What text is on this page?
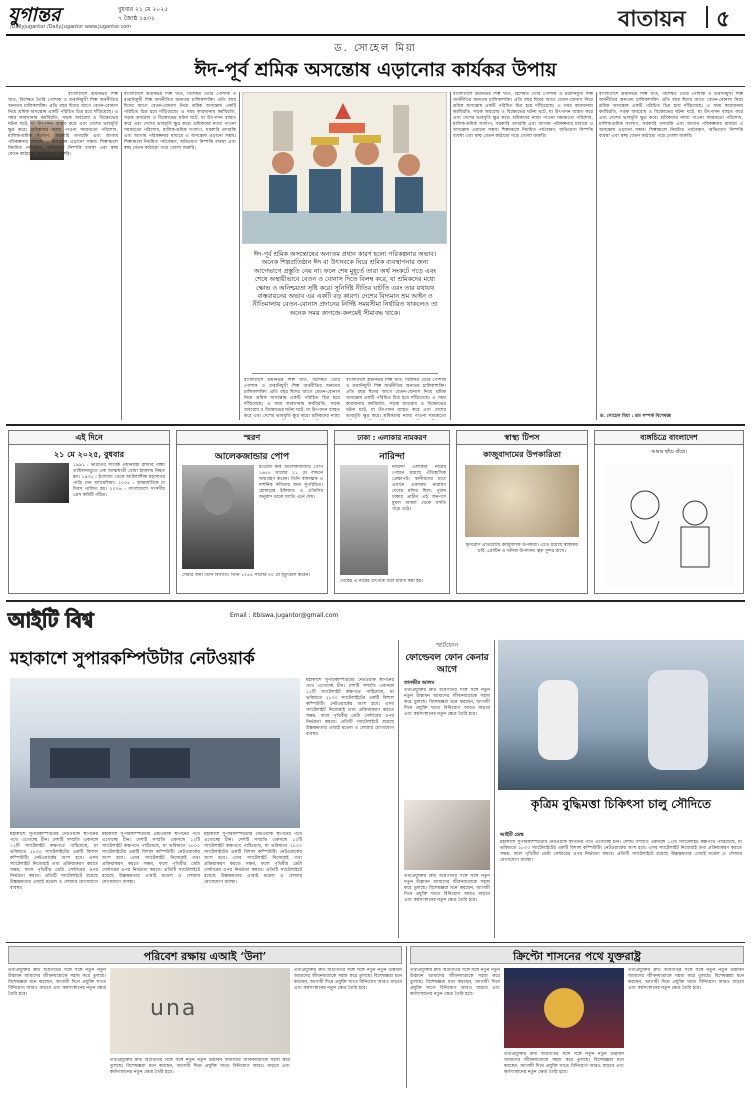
যুগান্তর	বুধবার ২১ মে ২০২৫
৭ জ্যৈষ্ঠ ১৪৩২
/Dailyjugantor /Daily.Jugantor www.jugantor.com	বাতায়ন ৫
ড. সোহেল মিয়া
ঈদ-পূর্ব শ্রমিক অসন্তোষ এড়ানোর কার্যকর উপায়
বাংলাদেশে শ্রমনির্ভর শিল্প খাত, বিশেষত তৈরি পোশাক ও রপ্তানিমুখী শিল্প অর্থনীতির অন্যতম চালিকাশক্তি। প্রতি বছর ঈদের আগে বেতন-বোনাস নিয়ে শ্রমিক অসন্তোষ একটি পরিচিত চিত্র হয়ে দাঁড়িয়েছে। এ সময় কারখানায় কর্মবিরতি, সড়ক অবরোধ ও বিক্ষোভের ঘটনা ঘটে, যা উৎপাদন ব্যাহত করে এবং দেশের ভাবমূর্তি ক্ষুণ্ণ করে। শ্রমিকদের ন্যায্য পাওনা সময়মতো পরিশোধ, মালিক-শ্রমিক সংলাপ, সরকারি তদারকি এবং আগাম পরিকল্পনার মাধ্যমে এ অসন্তোষ এড়ানো সম্ভব। শিল্পাঞ্চলে নিয়মিত পর্যবেক্ষণ, অভিযোগ নিষ্পত্তি ব্যবস্থা এবং স্বচ্ছ বেতন কাঠামো গড়ে তোলা জরুরি।
বাংলাদেশে শ্রমনির্ভর শিল্প খাত, বিশেষত তৈরি পোশাক ও রপ্তানিমুখী শিল্প অর্থনীতির অন্যতম চালিকাশক্তি। প্রতি বছর ঈদের আগে বেতন-বোনাস নিয়ে শ্রমিক অসন্তোষ একটি পরিচিত চিত্র হয়ে দাঁড়িয়েছে। এ সময় কারখানায় কর্মবিরতি, সড়ক অবরোধ ও বিক্ষোভের ঘটনা ঘটে, যা উৎপাদন ব্যাহত করে এবং দেশের ভাবমূর্তি ক্ষুণ্ণ করে। শ্রমিকদের ন্যায্য পাওনা সময়মতো পরিশোধ, মালিক-শ্রমিক সংলাপ, সরকারি তদারকি এবং আগাম পরিকল্পনার মাধ্যমে এ অসন্তোষ এড়ানো সম্ভব। শিল্পাঞ্চলে নিয়মিত পর্যবেক্ষণ, অভিযোগ নিষ্পত্তি ব্যবস্থা এবং স্বচ্ছ বেতন কাঠামো গড়ে তোলা জরুরি।
ঈদ-পূর্ব শ্রমিক অসন্তোষের অন্যতম প্রধান কারণ হলো পরিকল্পনার অভাব। অনেক শিল্পপ্রতিষ্ঠান ঈদ বা উৎসবকে ঘিরে শ্রমিক ব্যবস্থাপনার জন্য আগেভাগে প্রস্তুতি নেয় না। ফলে শেষ মুহূর্তে তারা অর্থ সংকটে পড়ে এবং শেষে অস্থায়ীভাবে বেতন ও বোনাস দিতে বিলম্ব করে, যা শ্রমিকদের মধ্যে ক্ষোভ ও অনিশ্চয়তা সৃষ্টি করে। সুনির্দিষ্ট নীতির ঘাটতি এবং তার যথাযথ বাস্তবায়নের অভাব এর একটি বড় কারণ। দেশের বিদ্যমান শ্রম আইন ও নীতিমালায় বেতন-বোনাস প্রদানের নির্দিষ্ট সময়সীমা নির্ধারিত থাকলেও তা অনেক সময় কাগজে-কলমেই সীমাবদ্ধ থাকে।
বাংলাদেশে শ্রমনির্ভর শিল্প খাত, বিশেষত তৈরি পোশাক ও রপ্তানিমুখী শিল্প অর্থনীতির অন্যতম চালিকাশক্তি। প্রতি বছর ঈদের আগে বেতন-বোনাস নিয়ে শ্রমিক অসন্তোষ একটি পরিচিত চিত্র হয়ে দাঁড়িয়েছে। এ সময় কারখানায় কর্মবিরতি, সড়ক অবরোধ ও বিক্ষোভের ঘটনা ঘটে, যা উৎপাদন ব্যাহত করে এবং দেশের ভাবমূর্তি ক্ষুণ্ণ করে। শ্রমিকদের ন্যায্য
বাংলাদেশে শ্রমনির্ভর শিল্প খাত, বিশেষত তৈরি পোশাক ও রপ্তানিমুখী শিল্প অর্থনীতির অন্যতম চালিকাশক্তি। প্রতি বছর ঈদের আগে বেতন-বোনাস নিয়ে শ্রমিক অসন্তোষ একটি পরিচিত চিত্র হয়ে দাঁড়িয়েছে। এ সময় কারখানায় কর্মবিরতি, সড়ক অবরোধ ও বিক্ষোভের ঘটনা ঘটে, যা উৎপাদন ব্যাহত করে এবং দেশের ভাবমূর্তি ক্ষুণ্ণ করে। শ্রমিকদের ন্যায্য পাওনা সময়মতো
বাংলাদেশে শ্রমনির্ভর শিল্প খাত, বিশেষত তৈরি পোশাক ও রপ্তানিমুখী শিল্প অর্থনীতির অন্যতম চালিকাশক্তি। প্রতি বছর ঈদের আগে বেতন-বোনাস নিয়ে শ্রমিক অসন্তোষ একটি পরিচিত চিত্র হয়ে দাঁড়িয়েছে। এ সময় কারখানায় কর্মবিরতি, সড়ক অবরোধ ও বিক্ষোভের ঘটনা ঘটে, যা উৎপাদন ব্যাহত করে এবং দেশের ভাবমূর্তি ক্ষুণ্ণ করে। শ্রমিকদের ন্যায্য পাওনা সময়মতো পরিশোধ, মালিক-শ্রমিক সংলাপ, সরকারি তদারকি এবং আগাম পরিকল্পনার মাধ্যমে এ অসন্তোষ এড়ানো সম্ভব। শিল্পাঞ্চলে নিয়মিত পর্যবেক্ষণ, অভিযোগ নিষ্পত্তি ব্যবস্থা এবং স্বচ্ছ বেতন কাঠামো গড়ে তোলা জরুরি।
বাংলাদেশে শ্রমনির্ভর শিল্প খাত, বিশেষত তৈরি পোশাক ও রপ্তানিমুখী শিল্প অর্থনীতির অন্যতম চালিকাশক্তি। প্রতি বছর ঈদের আগে বেতন-বোনাস নিয়ে শ্রমিক অসন্তোষ একটি পরিচিত চিত্র হয়ে দাঁড়িয়েছে। এ সময় কারখানায় কর্মবিরতি, সড়ক অবরোধ ও বিক্ষোভের ঘটনা ঘটে, যা উৎপাদন ব্যাহত করে এবং দেশের ভাবমূর্তি ক্ষুণ্ণ করে। শ্রমিকদের ন্যায্য পাওনা সময়মতো পরিশোধ, মালিক-শ্রমিক সংলাপ, সরকারি তদারকি এবং আগাম পরিকল্পনার মাধ্যমে এ অসন্তোষ এড়ানো সম্ভব। শিল্পাঞ্চলে নিয়মিত পর্যবেক্ষণ, অভিযোগ নিষ্পত্তি ব্যবস্থা এবং স্বচ্ছ বেতন কাঠামো গড়ে তোলা জরুরি।
ড. সোহেল মিয়া : শ্রম সম্পর্ক বিশেষজ্ঞ
এই দিনে
২১ মে ২০২৫, বুধবার
১৯৯১ : ভারতের সাবেক প্রধানমন্ত্রী রাজীব গান্ধী তামিলনাড়ুতে এক আত্মঘাতী বোমা হামলায় নিহত হন। ১৯৩২ : ইংল্যান্ড থেকে আটলান্টিক মহাসাগর পাড়ি দেন অ্যামেলিয়া। ২০০৫ : আন্তর্জাতিক চা দিবস পালিত হয়। ২০০৬ : বাংলাদেশে সংসদীয় প্রেস কমিটি গঠিত।
স্মরণ
আলেকজান্ডার পোপ
ইংরেজ কবি আলেকজান্ডার পোপ ১৬৮৮ সালের ২১ মে লন্ডনে জন্মগ্রহণ করেন। তিনি ব্যঙ্গাত্মক ও দার্শনিক কবিতার জন্য সুপরিচিত। হোমারের ইলিয়াড ও ওডিসির অনুবাদ তাকে খ্যাতি এনে দেয়।
সেরার জন্য তিনি বিখ্যাত। তিনি ১৭৪৪ সালের ৩০ মে মৃত্যুবরণ করেন।
ঢাকা : এলাকার নামকরণ
নারিন্দা
নারিন্দা এলাকার নামের পেছনে রয়েছে ঐতিহাসিক প্রেক্ষাপট। স্থানীয়দের মতে এখানে একসময় নারায়ণ দেবের মন্দির ছিল। পুরান ঢাকার প্রাচীন এই জনপদে মুঘল আমল থেকে বসতি গড়ে ওঠে।
থেকেই এ নামের উৎপত্তি বলে ধারণা করা হয়।
স্বাস্থ্য টিপস
কাজুবাদামের উপকারিতা
হৃদরোগ প্রতিরোধে কাজুবাদাম উপকারী। এতে রয়েছে স্বাস্থ্যকর চর্বি, প্রোটিন ও খনিজ উপাদান। ত্বক সুন্দর রাখে।
ব্যঙ্গচিত্রে বাংলাদেশ
আমার ছাঁচে বাঁচো।
আইটি বিশ্ব	Email : itbiswa.jugantor@gmail.com
মহাকাশে সুপারকম্পিউটার নেটওয়ার্ক
মহাকাশে সুপারকম্পিউটার নেটওয়ার্ক স্থাপনের পথে এগোচ্ছে চীন। দেশটি সম্প্রতি একসঙ্গে ১২টি স্যাটেলাইট কক্ষপথে পাঠিয়েছে, যা ভবিষ্যতে ২৮০০ স্যাটেলাইটের একটি বিশাল কম্পিউটিং নেটওয়ার্কের অংশ হবে। এসব স্যাটেলাইট নিজেরাই তথ্য প্রক্রিয়াকরণ করতে সক্ষম, ফলে পৃথিবীর ডেটা সেন্টারের ওপর নির্ভরতা কমবে। প্রতিটি স্যাটেলাইটে রয়েছে উচ্চক্ষমতার এআই মডেল ও লেজার যোগাযোগ ব্যবস্থা।
মহাকাশে সুপারকম্পিউটার নেটওয়ার্ক স্থাপনের পথে এগোচ্ছে চীন। দেশটি সম্প্রতি একসঙ্গে ১২টি স্যাটেলাইট কক্ষপথে পাঠিয়েছে, যা ভবিষ্যতে ২৮০০ স্যাটেলাইটের একটি বিশাল কম্পিউটিং নেটওয়ার্কের অংশ হবে। এসব স্যাটেলাইট নিজেরাই তথ্য প্রক্রিয়াকরণ করতে সক্ষম, ফলে পৃথিবীর ডেটা সেন্টারের ওপর নির্ভরতা কমবে। প্রতিটি স্যাটেলাইটে রয়েছে উচ্চক্ষমতার এআই মডেল ও লেজার যোগাযোগ ব্যবস্থা।
মহাকাশে সুপারকম্পিউটার নেটওয়ার্ক স্থাপনের পথে এগোচ্ছে চীন। দেশটি সম্প্রতি একসঙ্গে ১২টি স্যাটেলাইট কক্ষপথে পাঠিয়েছে, যা ভবিষ্যতে ২৮০০ স্যাটেলাইটের একটি বিশাল কম্পিউটিং নেটওয়ার্কের অংশ হবে। এসব স্যাটেলাইট নিজেরাই তথ্য প্রক্রিয়াকরণ করতে সক্ষম, ফলে পৃথিবীর ডেটা সেন্টারের ওপর নির্ভরতা কমবে। প্রতিটি স্যাটেলাইটে রয়েছে উচ্চক্ষমতার এআই মডেল ও লেজার যোগাযোগ ব্যবস্থা।
মহাকাশে সুপারকম্পিউটার নেটওয়ার্ক স্থাপনের পথে এগোচ্ছে চীন। দেশটি সম্প্রতি একসঙ্গে ১২টি স্যাটেলাইট কক্ষপথে পাঠিয়েছে, যা ভবিষ্যতে ২৮০০ স্যাটেলাইটের একটি বিশাল কম্পিউটিং নেটওয়ার্কের অংশ হবে। এসব স্যাটেলাইট নিজেরাই তথ্য প্রক্রিয়াকরণ করতে সক্ষম, ফলে পৃথিবীর ডেটা সেন্টারের ওপর নির্ভরতা কমবে। প্রতিটি স্যাটেলাইটে রয়েছে উচ্চক্ষমতার এআই মডেল ও লেজার যোগাযোগ ব্যবস্থা।
স্মার্টফোন
ফোল্ডেবল ফোন কেনার আগে
তানভীর আলম
তথ্যপ্রযুক্তির দ্রুত অগ্রগতির সঙ্গে সঙ্গে নতুন নতুন উদ্ভাবন আমাদের জীবনযাত্রাকে সহজ করে তুলছে। বিশেষজ্ঞরা মনে করছেন, আগামী দিনে প্রযুক্তি খাতে বিনিয়োগ আরও বাড়বে এবং কর্মসংস্থানের নতুন ক্ষেত্র তৈরি হবে।
তথ্যপ্রযুক্তির দ্রুত অগ্রগতির সঙ্গে সঙ্গে নতুন নতুন উদ্ভাবন আমাদের জীবনযাত্রাকে সহজ করে তুলছে। বিশেষজ্ঞরা মনে করছেন, আগামী দিনে প্রযুক্তি খাতে বিনিয়োগ আরও বাড়বে এবং কর্মসংস্থানের নতুন ক্ষেত্র তৈরি হবে।
কৃত্রিম বুদ্ধিমত্তা চিকিৎসা চালু সৌদিতে
আইটি ডেস্ক
মহাকাশে সুপারকম্পিউটার নেটওয়ার্ক স্থাপনের পথে এগোচ্ছে চীন। দেশটি সম্প্রতি একসঙ্গে ১২টি স্যাটেলাইট কক্ষপথে পাঠিয়েছে, যা ভবিষ্যতে ২৮০০ স্যাটেলাইটের একটি বিশাল কম্পিউটিং নেটওয়ার্কের অংশ হবে। এসব স্যাটেলাইট নিজেরাই তথ্য প্রক্রিয়াকরণ করতে সক্ষম, ফলে পৃথিবীর ডেটা সেন্টারের ওপর নির্ভরতা কমবে। প্রতিটি স্যাটেলাইটে রয়েছে উচ্চক্ষমতার এআই মডেল ও লেজার যোগাযোগ ব্যবস্থা।
পরিবেশ রক্ষায় এআই ‘উনা’
তথ্যপ্রযুক্তির দ্রুত অগ্রগতির সঙ্গে সঙ্গে নতুন নতুন উদ্ভাবন আমাদের জীবনযাত্রাকে সহজ করে তুলছে। বিশেষজ্ঞরা মনে করছেন, আগামী দিনে প্রযুক্তি খাতে বিনিয়োগ আরও বাড়বে এবং কর্মসংস্থানের নতুন ক্ষেত্র তৈরি হবে।
una
তথ্যপ্রযুক্তির দ্রুত অগ্রগতির সঙ্গে সঙ্গে নতুন নতুন উদ্ভাবন আমাদের জীবনযাত্রাকে সহজ করে তুলছে। বিশেষজ্ঞরা মনে করছেন, আগামী দিনে প্রযুক্তি খাতে বিনিয়োগ আরও বাড়বে এবং কর্মসংস্থানের নতুন ক্ষেত্র তৈরি হবে।
তথ্যপ্রযুক্তির দ্রুত অগ্রগতির সঙ্গে সঙ্গে নতুন নতুন উদ্ভাবন আমাদের জীবনযাত্রাকে সহজ করে তুলছে। বিশেষজ্ঞরা মনে করছেন, আগামী দিনে প্রযুক্তি খাতে বিনিয়োগ আরও বাড়বে এবং কর্মসংস্থানের নতুন ক্ষেত্র তৈরি হবে।
ক্রিপ্টো শাসনের পথে যুক্তরাষ্ট্র
তথ্যপ্রযুক্তির দ্রুত অগ্রগতির সঙ্গে সঙ্গে নতুন নতুন উদ্ভাবন আমাদের জীবনযাত্রাকে সহজ করে তুলছে। বিশেষজ্ঞরা মনে করছেন, আগামী দিনে প্রযুক্তি খাতে বিনিয়োগ আরও বাড়বে এবং কর্মসংস্থানের নতুন ক্ষেত্র তৈরি হবে।
তথ্যপ্রযুক্তির দ্রুত অগ্রগতির সঙ্গে সঙ্গে নতুন নতুন উদ্ভাবন আমাদের জীবনযাত্রাকে সহজ করে তুলছে। বিশেষজ্ঞরা মনে করছেন, আগামী দিনে প্রযুক্তি খাতে বিনিয়োগ আরও বাড়বে এবং কর্মসংস্থানের নতুন ক্ষেত্র তৈরি হবে।
তথ্যপ্রযুক্তির দ্রুত অগ্রগতির সঙ্গে সঙ্গে নতুন নতুন উদ্ভাবন আমাদের জীবনযাত্রাকে সহজ করে তুলছে। বিশেষজ্ঞরা মনে করছেন, আগামী দিনে প্রযুক্তি খাতে বিনিয়োগ আরও বাড়বে এবং কর্মসংস্থানের নতুন ক্ষেত্র তৈরি হবে।
